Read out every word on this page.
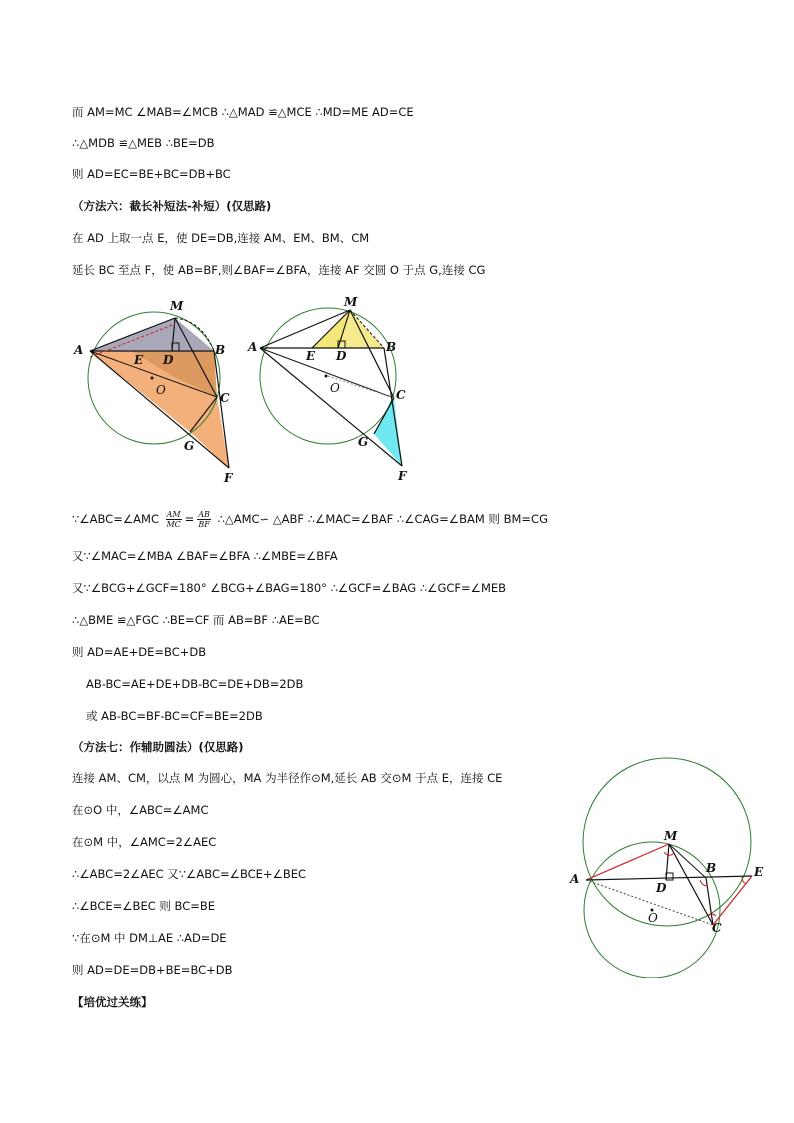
而 AM=MC ∠MAB=∠MCB ∴△MAD ≌△MCE ∴MD=ME AD=CE
∴△MDB ≌△MEB ∴BE=DB
则 AD=EC=BE+BC=DB+BC
（方法六：截长补短法-补短）(仅思路)
在 AD 上取一点 E，使 DE=DB,连接 AM、EM、BM、CM
延长 BC 至点 F，使 AB=BF,则∠BAF=∠BFA，连接 AF 交圆 O 于点 G,连接 CG
A
M
E D
B
O
C
G
F
A
M
E D
B
O	C
G
F
∵∠ABC=∠AMC $\frac{AM}{MC} = \frac{AB}{BF}$ ∴△AMC∽ △ABF ∴∠MAC=∠BAF ∴∠CAG=∠BAM 则 BM=CG
又∵∠MAC=∠MBA ∠BAF=∠BFA ∴∠MBE=∠BFA
又∵∠BCG+∠GCF=180° ∠BCG+∠BAG=180° ∴∠GCF=∠BAG ∴∠GCF=∠MEB
∴△BME ≌△FGC ∴BE=CF 而 AB=BF ∴AE=BC
则 AD=AE+DE=BC+DB
AB-BC=AE+DE+DB-BC=DE+DB=2DB
或 AB-BC=BF-BC=CF=BE=2DB
（方法七：作辅助圆法）(仅思路)
连接 AM、CM，以点 M 为圆心，MA 为半径作⊙M,延长 AB 交⊙M 于点 E，连接 CE
在⊙O 中，∠ABC=∠AMC
在⊙M 中，∠AMC=2∠AEC
∴∠ABC=2∠AEC 又∵∠ABC=∠BCE+∠BEC
∴∠BCE=∠BEC 则 BC=BE
∵在⊙M 中 DM⊥AE ∴AD=DE
则 AD=DE=DB+BE=BC+DB
【培优过关练】
A
M
D
B	E
O
C
